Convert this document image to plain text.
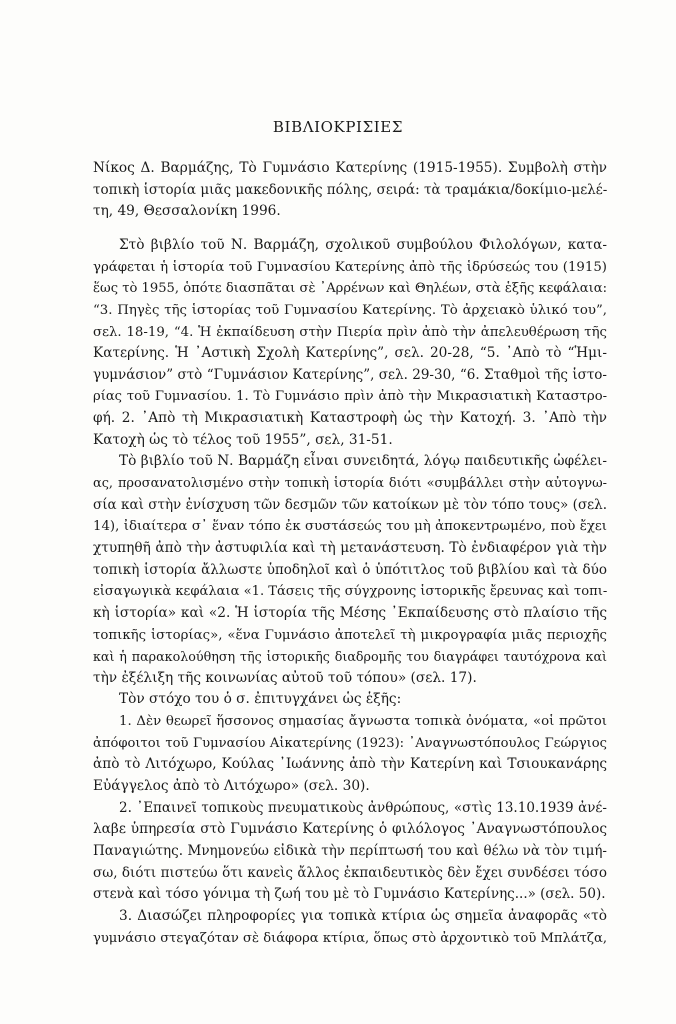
ΒΙΒΛΙΟΚΡΙΣΙΕΣ
Νίκος Δ. Βαρμάζης, Τὸ Γυμνάσιο Κατερίνης (1915-1955). Συμβολὴ στὴν
τοπικὴ ἱστορία μιᾶς μακεδονικῆς πόλης, σειρά: τὰ τραμάκια/δοκίμιο-μελέ-
τη, 49, Θεσσαλονίκη 1996.
Στὸ βιβλίο τοῦ Ν. Βαρμάζη, σχολικοῦ συμβούλου Φιλολόγων, κατα-
γράφεται ἡ ἱστορία τοῦ Γυμνασίου Κατερίνης ἀπὸ τῆς ἱδρύσεώς του (1915)
ἕως τὸ 1955, ὁπότε διασπᾶται σὲ ᾿Αρρένων καὶ Θηλέων, στὰ ἑξῆς κεφάλαια:
“3. Πηγὲς τῆς ἱστορίας τοῦ Γυμνασίου Κατερίνης. Τὸ ἀρχειακὸ ὑλικό του”,
σελ. 18-19, “4. Ἡ ἐκπαίδευση στὴν Πιερία πρὶν ἀπὸ τὴν ἀπελευθέρωση τῆς
Κατερίνης. Ἡ ᾿Αστικὴ Σχολὴ Κατερίνης”, σελ. 20-28, “5. ᾿Απὸ τὸ “Ἡμι-
γυμνάσιον” στὸ “Γυμνάσιον Κατερίνης”, σελ. 29-30, “6. Σταθμοὶ τῆς ἱστο-
ρίας τοῦ Γυμνασίου. 1. Τὸ Γυμνάσιο πρὶν ἀπὸ τὴν Μικρασιατικὴ Καταστρο-
φή. 2. ᾿Απὸ τὴ Μικρασιατικὴ Καταστροφὴ ὡς τὴν Κατοχή. 3. ᾿Απὸ τὴν
Κατοχὴ ὡς τὸ τέλος τοῦ 1955”, σελ, 31-51.
Τὸ βιβλίο τοῦ Ν. Βαρμάζη εἶναι συνειδητά, λόγῳ παιδευτικῆς ὠφέλει-
ας, προσανατολισμένο στὴν τοπικὴ ἱστορία διότι «συμβάλλει στὴν αὐτογνω-
σία καὶ στὴν ἐνίσχυση τῶν δεσμῶν τῶν κατοίκων μὲ τὸν τόπο τους» (σελ.
14), ἰδιαίτερα σ᾿ ἕναν τόπο ἐκ συστάσεώς του μὴ ἀποκεντρωμένο, ποὺ ἔχει
χτυπηθῆ ἀπὸ τὴν ἀστυφιλία καὶ τὴ μετανάστευση. Τὸ ἐνδιαφέρον γιὰ τὴν
τοπικὴ ἱστορία ἄλλωστε ὑποδηλοῖ καὶ ὁ ὑπότιτλος τοῦ βιβλίου καὶ τὰ δύο
εἰσαγωγικὰ κεφάλαια «1. Τάσεις τῆς σύγχρονης ἱστορικῆς ἔρευνας καὶ τοπι-
κὴ ἱστορία» καὶ «2. Ἡ ἱστορία τῆς Μέσης ᾿Εκπαίδευσης στὸ πλαίσιο τῆς
τοπικῆς ἱστορίας», «ἕνα Γυμνάσιο ἀποτελεῖ τὴ μικρογραφία μιᾶς περιοχῆς
καὶ ἡ παρακολούθηση τῆς ἱστορικῆς διαδρομῆς του διαγράφει ταυτόχρονα καὶ
τὴν ἐξέλιξη τῆς κοινωνίας αὐτοῦ τοῦ τόπου» (σελ. 17).
Τὸν στόχο του ὁ σ. ἐπιτυγχάνει ὡς ἑξῆς:
1. Δὲν θεωρεῖ ἥσσονος σημασίας ἄγνωστα τοπικὰ ὀνόματα, «οἱ πρῶτοι
ἀπόφοιτοι τοῦ Γυμνασίου Αἰκατερίνης (1923): ᾿Αναγνωστόπουλος Γεώργιος
ἀπὸ τὸ Λιτόχωρο, Κούλας ᾿Ιωάννης ἀπὸ τὴν Κατερίνη καὶ Τσιουκανάρης
Εὐάγγελος ἀπὸ τὸ Λιτόχωρο» (σελ. 30).
2. ᾿Επαινεῖ τοπικοὺς πνευματικοὺς ἀνθρώπους, «στὶς 13.10.1939 ἀνέ-
λαβε ὑπηρεσία στὸ Γυμνάσιο Κατερίνης ὁ φιλόλογος ᾿Αναγνωστόπουλος
Παναγιώτης. Μνημονεύω εἰδικὰ τὴν περίπτωσή του καὶ θέλω νὰ τὸν τιμή-
σω, διότι πιστεύω ὅτι κανεὶς ἄλλος ἐκπαιδευτικὸς δὲν ἔχει συνδέσει τόσο
στενὰ καὶ τόσο γόνιμα τὴ ζωή του μὲ τὸ Γυμνάσιο Κατερίνης...» (σελ. 50).
3. Διασώζει πληροφορίες για τοπικὰ κτίρια ὡς σημεῖα ἀναφορᾶς «τὸ
γυμνάσιο στεγαζόταν σὲ διάφορα κτίρια, ὅπως στὸ ἀρχοντικὸ τοῦ Μπλάτζα,
